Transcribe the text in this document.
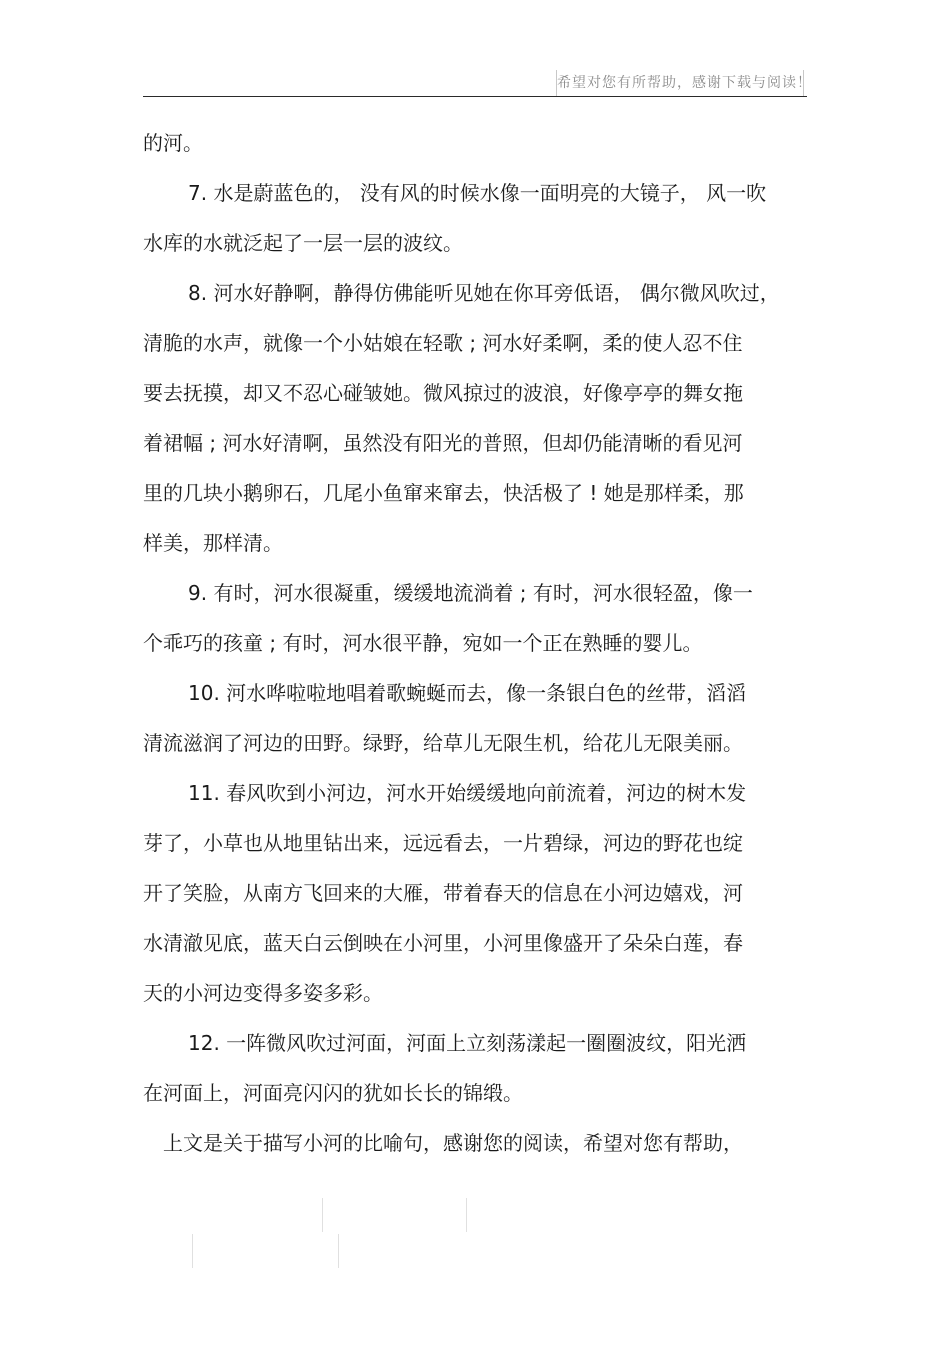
希望对您有所帮助，感谢下载与阅读！
的河。
7. 水是蔚蓝色的， 没有风的时候水像一面明亮的大镜子， 风一吹
水库的水就泛起了一层一层的波纹。
8. 河水好静啊，静得仿佛能听见她在你耳旁低语， 偶尔微风吹过，
清脆的水声，就像一个小姑娘在轻歌 ; 河水好柔啊，柔的使人忍不住
要去抚摸，却又不忍心碰皱她。微风掠过的波浪，好像亭亭的舞女拖
着裙幅 ; 河水好清啊，虽然没有阳光的普照，但却仍能清晰的看见河
里的几块小鹅卵石，几尾小鱼窜来窜去，快活极了 ! 她是那样柔，那
样美，那样清。
9. 有时，河水很凝重，缓缓地流淌着 ; 有时，河水很轻盈，像一
个乖巧的孩童 ; 有时，河水很平静，宛如一个正在熟睡的婴儿。
10. 河水哗啦啦地唱着歌蜿蜒而去，像一条银白色的丝带，滔滔
清流滋润了河边的田野。绿野，给草儿无限生机，给花儿无限美丽。
11. 春风吹到小河边，河水开始缓缓地向前流着，河边的树木发
芽了，小草也从地里钻出来，远远看去，一片碧绿，河边的野花也绽
开了笑脸，从南方飞回来的大雁，带着春天的信息在小河边嬉戏，河
水清澈见底，蓝天白云倒映在小河里，小河里像盛开了朵朵白莲，春
天的小河边变得多姿多彩。
12. 一阵微风吹过河面，河面上立刻荡漾起一圈圈波纹，阳光洒
在河面上，河面亮闪闪的犹如长长的锦缎。
上文是关于描写小河的比喻句，感谢您的阅读，希望对您有帮助，
